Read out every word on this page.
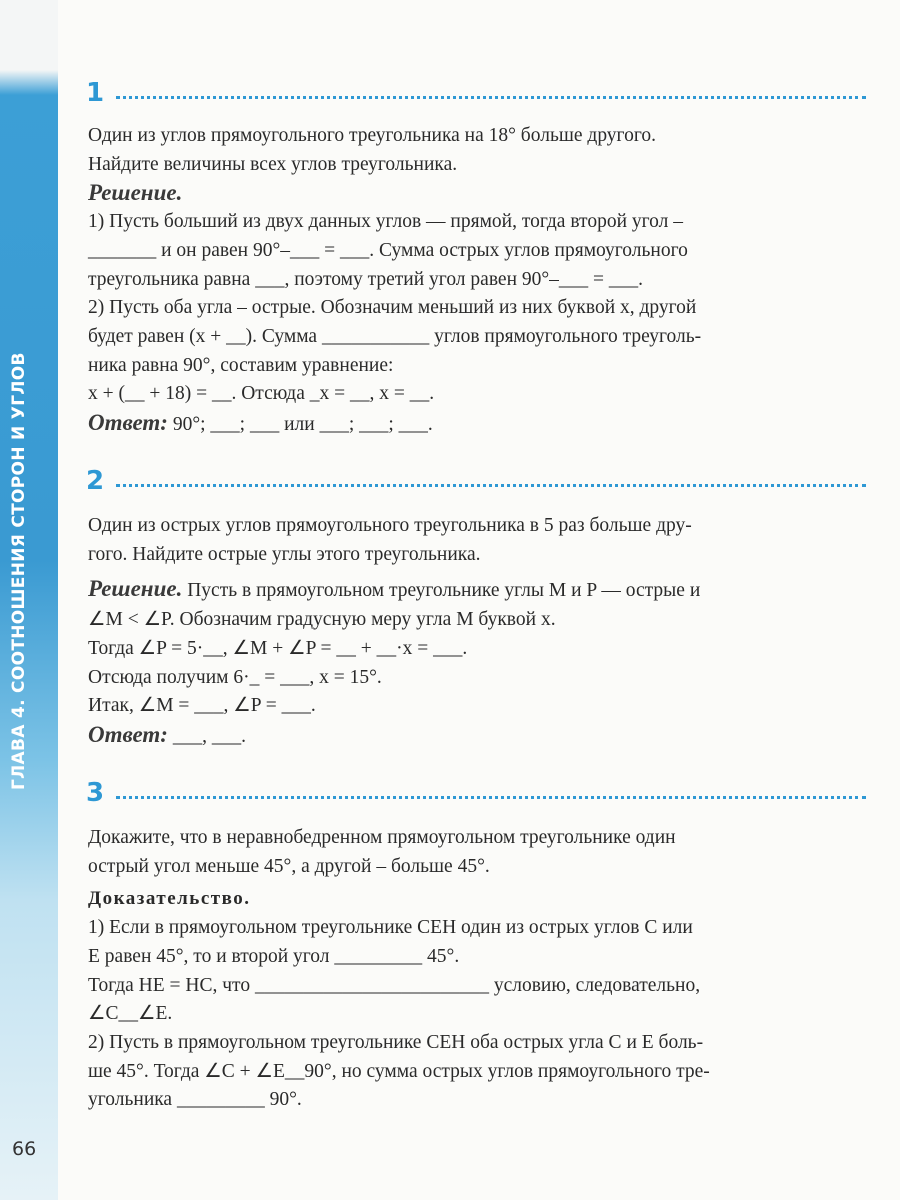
ГЛАВА 4. СООТНОШЕНИЯ СТОРОН И УГЛОВ
1
Один из углов прямоугольного треугольника на 18° больше другого.
Найдите величины всех углов треугольника.
Решение.
1) Пусть больший из двух данных углов — прямой, тогда второй угол –
_______ и он равен 90°–___ = ___. Сумма острых углов прямоугольного
треугольника равна ___, поэтому третий угол равен 90°–___ = ___.
2) Пусть оба угла – острые. Обозначим меньший из них буквой x, другой
будет равен (x + __). Сумма ___________ углов прямоугольного треуголь-
ника равна 90°, составим уравнение:
x + (__ + 18) = __. Отсюда _x = __, x = __.
Ответ: 90°; ___; ___ или ___; ___; ___.
2
Один из острых углов прямоугольного треугольника в 5 раз больше дру-
гого. Найдите острые углы этого треугольника.
Решение. Пусть в прямоугольном треугольнике углы M и P — острые и
∠M < ∠P. Обозначим градусную меру угла M буквой x.
Тогда ∠P = 5·__, ∠M + ∠P = __ + __·x = ___.
Отсюда получим 6·_ = ___, x = 15°.
Итак, ∠M = ___, ∠P = ___.
Ответ: ___, ___.
3
Докажите, что в неравнобедренном прямоугольном треугольнике один
острый угол меньше 45°, а другой – больше 45°.
Доказательство.
1) Если в прямоугольном треугольнике CEH один из острых углов C или
E равен 45°, то и второй угол _________ 45°.
Тогда HE = HC, что ________________________ условию, следовательно,
∠C__∠E.
2) Пусть в прямоугольном треугольнике CEH оба острых угла C и E боль-
ше 45°. Тогда ∠C + ∠E__90°, но сумма острых углов прямоугольного тре-
угольника _________ 90°.
66
